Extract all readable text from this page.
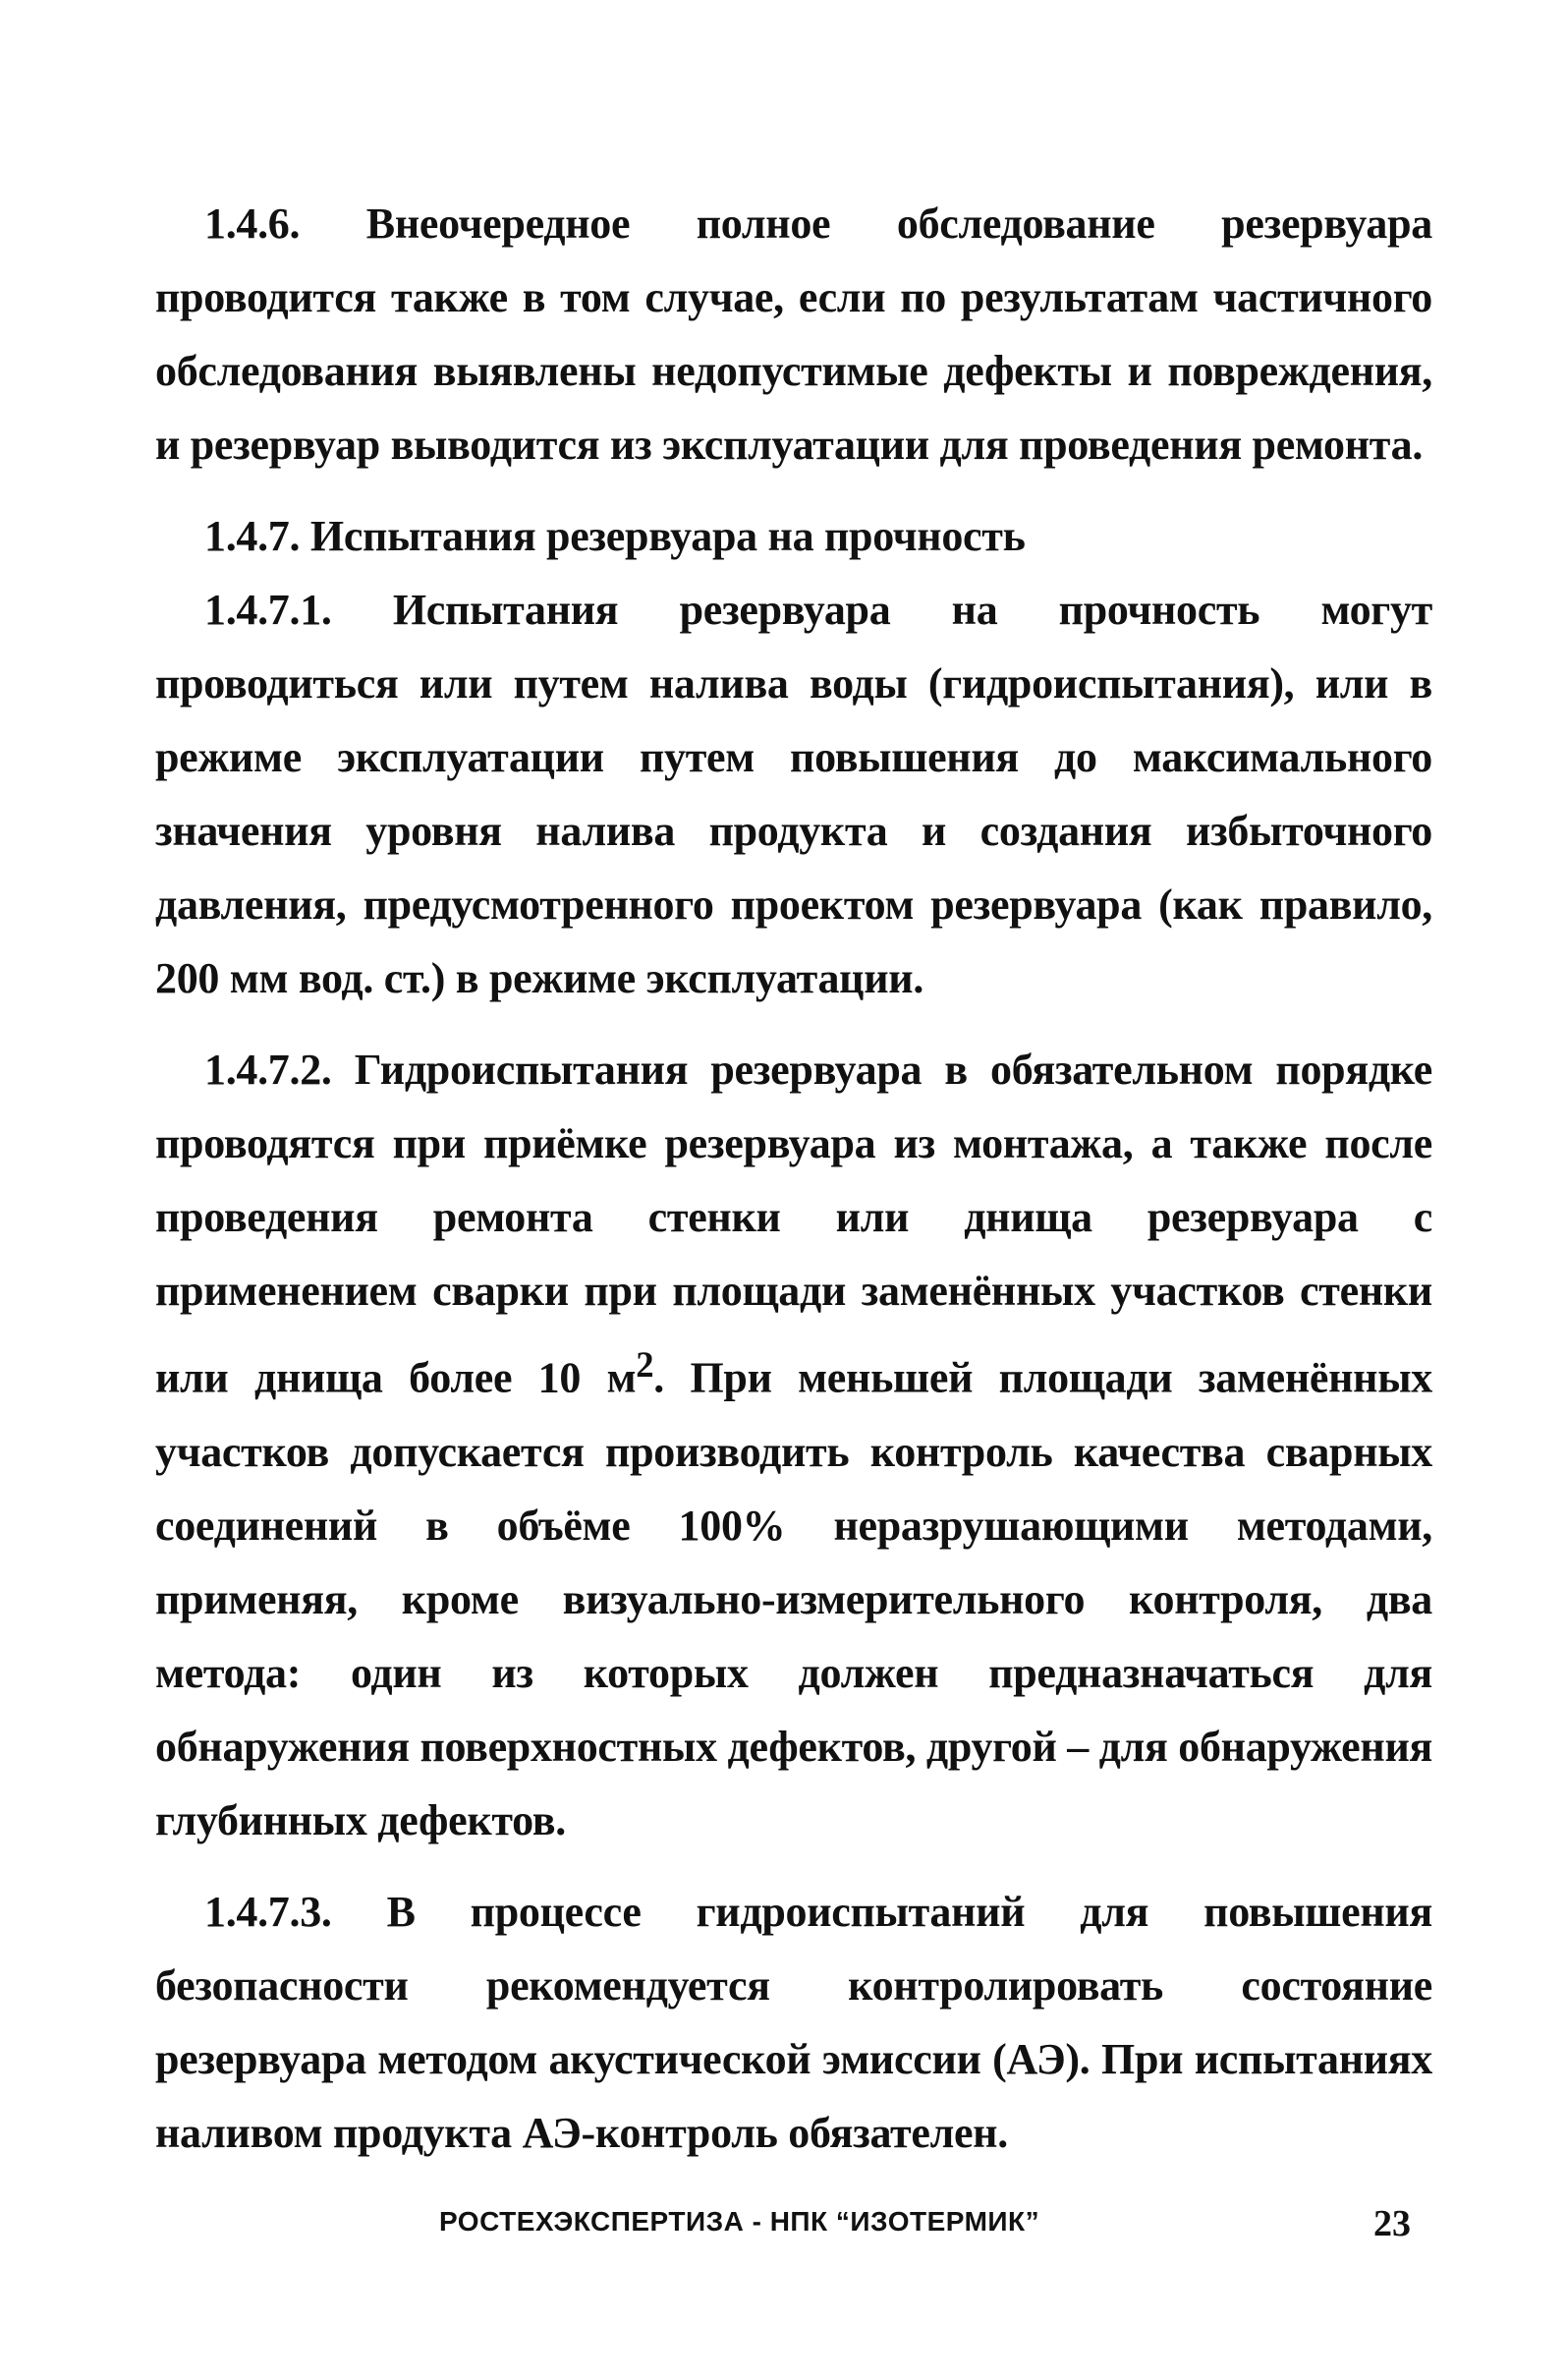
1.4.6. Внеочередное полное обследование резервуара проводится также в том случае, если по результатам частичного обследования выявлены недопустимые дефекты и повреждения, и резервуар выводится из эксплуатации для проведения ремонта.

1.4.7. Испытания резервуара на прочность

1.4.7.1. Испытания резервуара на прочность могут проводиться или путем налива воды (гидроиспытания), или в режиме эксплуатации путем повышения до максимального значения уровня налива продукта и создания избыточного давления, предусмотренного проектом резервуара (как правило, 200 мм вод. ст.) в режиме эксплуатации.

1.4.7.2. Гидроиспытания резервуара в обязательном порядке проводятся при приёмке резервуара из монтажа, а также после проведения ремонта стенки или днища резервуара с применением сварки при площади заменённых участков стенки или днища более 10 $м^2$. При меньшей площади заменённых участков допускается производить контроль качества сварных соединений в объёме 100% неразрушающими методами, применяя, кроме визуально-измерительного контроля, два метода: один из которых должен предназначаться для обнаружения поверхностных дефектов, другой – для обнаружения глубинных дефектов.

1.4.7.3. В процессе гидроиспытаний для повышения безопасности рекомендуется контролировать состояние резервуара методом акустической эмиссии (АЭ). При испытаниях наливом продукта АЭ-контроль обязателен.

РОСТЕХЭКСПЕРТИЗА - НПК “ИЗОТЕРМИК”	23
